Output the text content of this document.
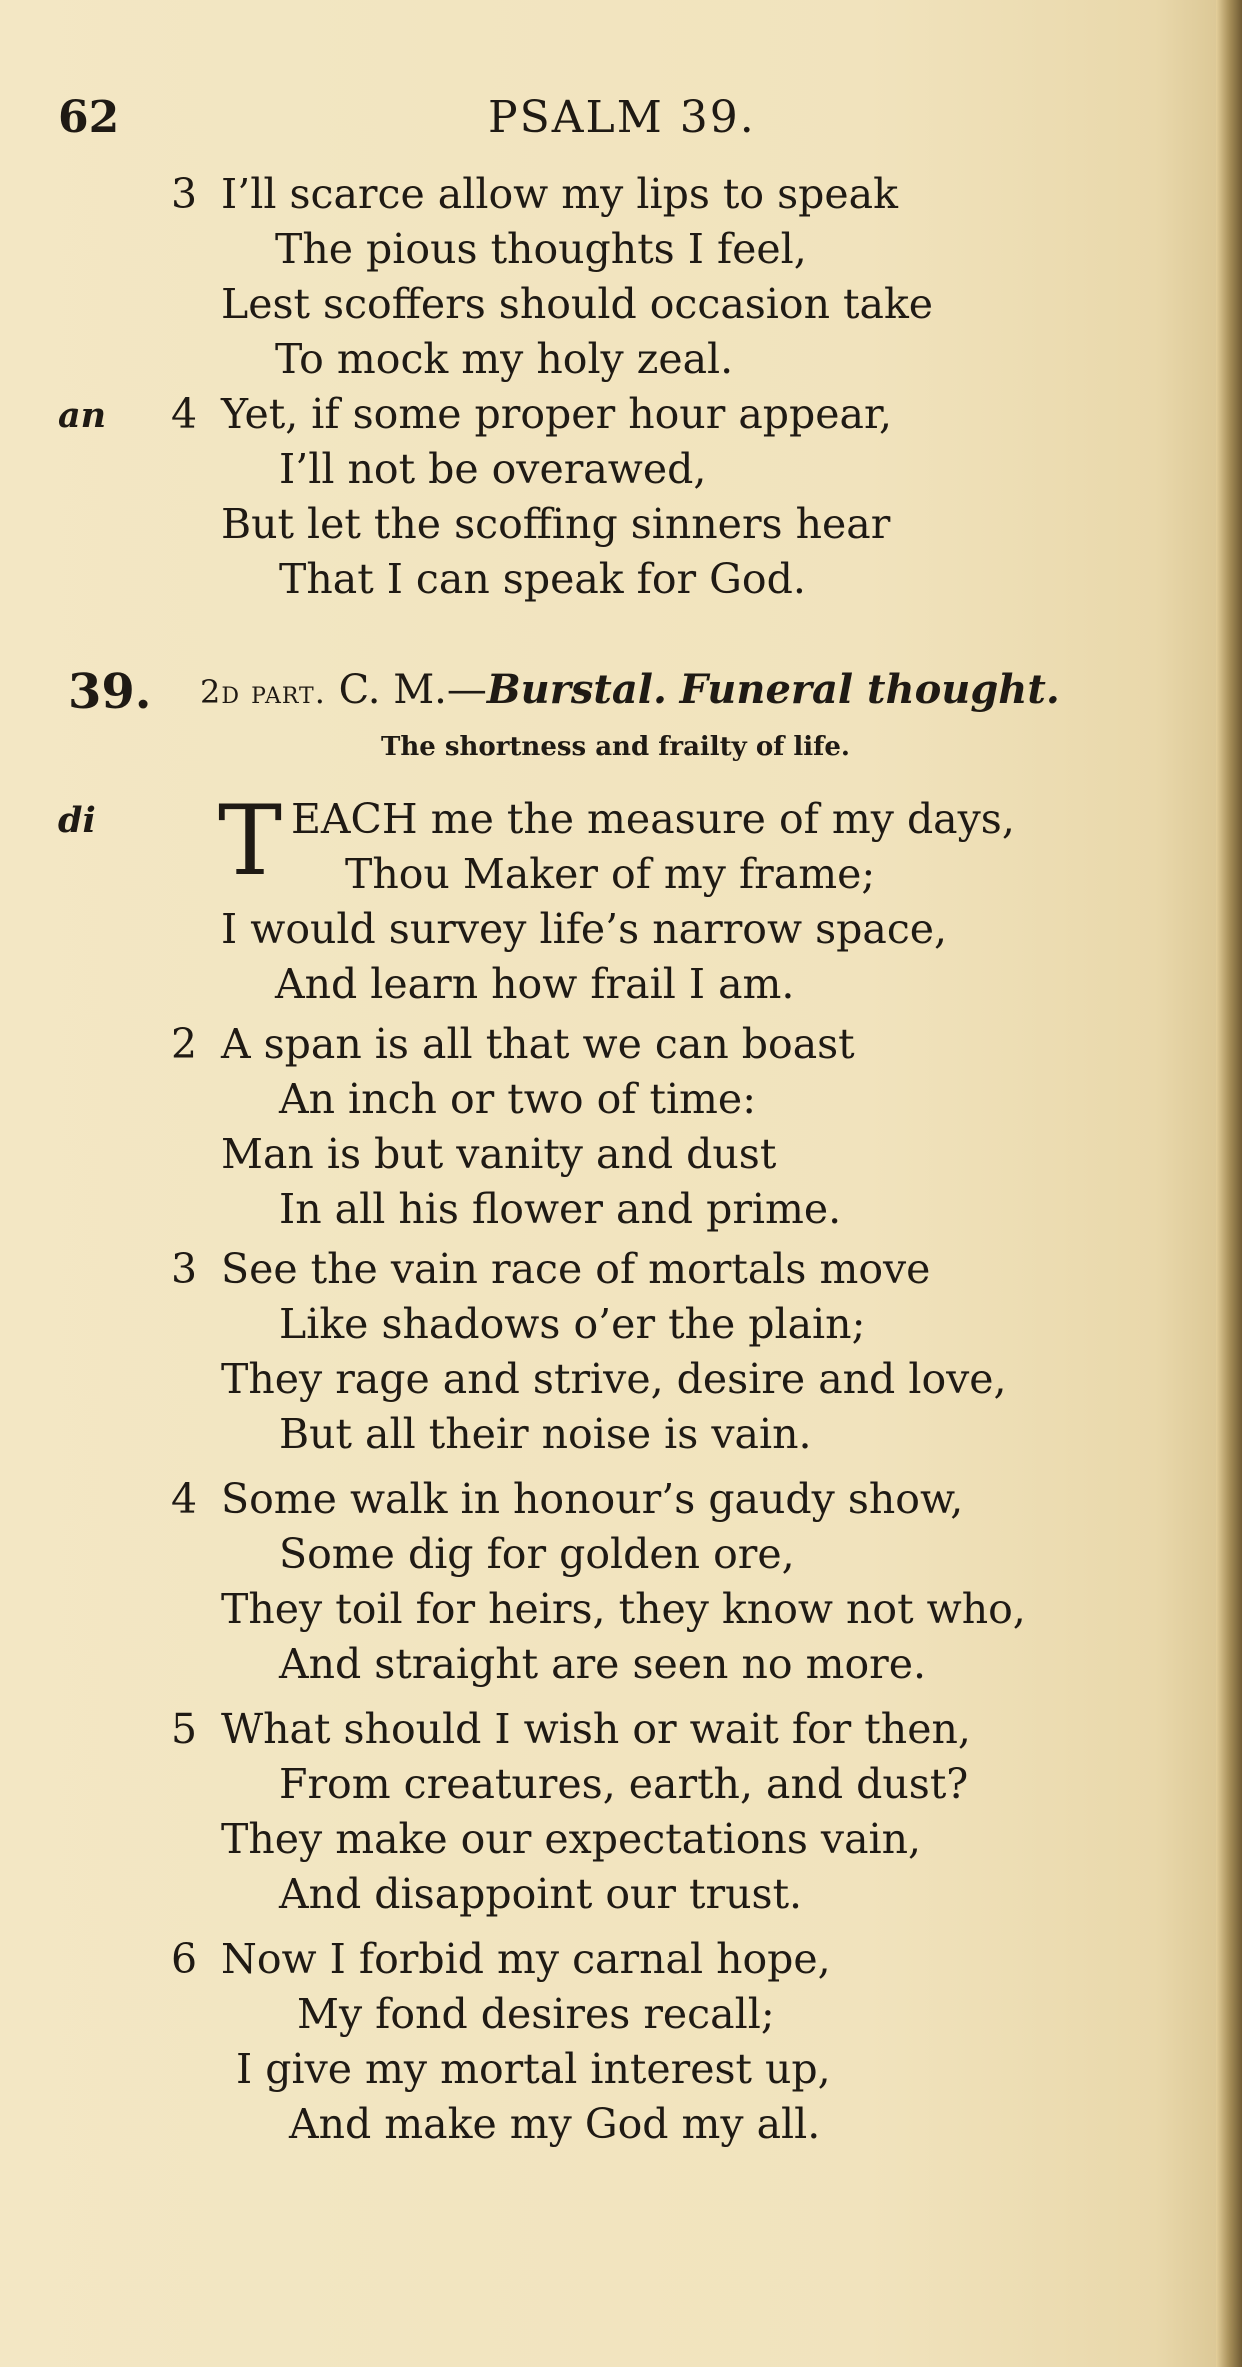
62	PSALM 39.
3 I’ll scarce allow my lips to speak
The pious thoughts I feel,
Lest scoffers should occasion take
To mock my holy zeal.
an 4 Yet, if some proper hour appear,
I’ll not be overawed,
But let the scoffing sinners hear
That I can speak for God.
39. 2d part. C. M.—Burstal. Funeral thought.
The shortness and frailty of life.
di T EACH me the measure of my days,
Thou Maker of my frame;
I would survey life’s narrow space,
And learn how frail I am.
2 A span is all that we can boast
An inch or two of time:
Man is but vanity and dust
In all his flower and prime.
3 See the vain race of mortals move
Like shadows o’er the plain;
They rage and strive, desire and love,
But all their noise is vain.
4 Some walk in honour’s gaudy show,
Some dig for golden ore,
They toil for heirs, they know not who,
And straight are seen no more.
5 What should I wish or wait for then,
From creatures, earth, and dust?
They make our expectations vain,
And disappoint our trust.
6 Now I forbid my carnal hope,
My fond desires recall;
I give my mortal interest up,
And make my God my all.
